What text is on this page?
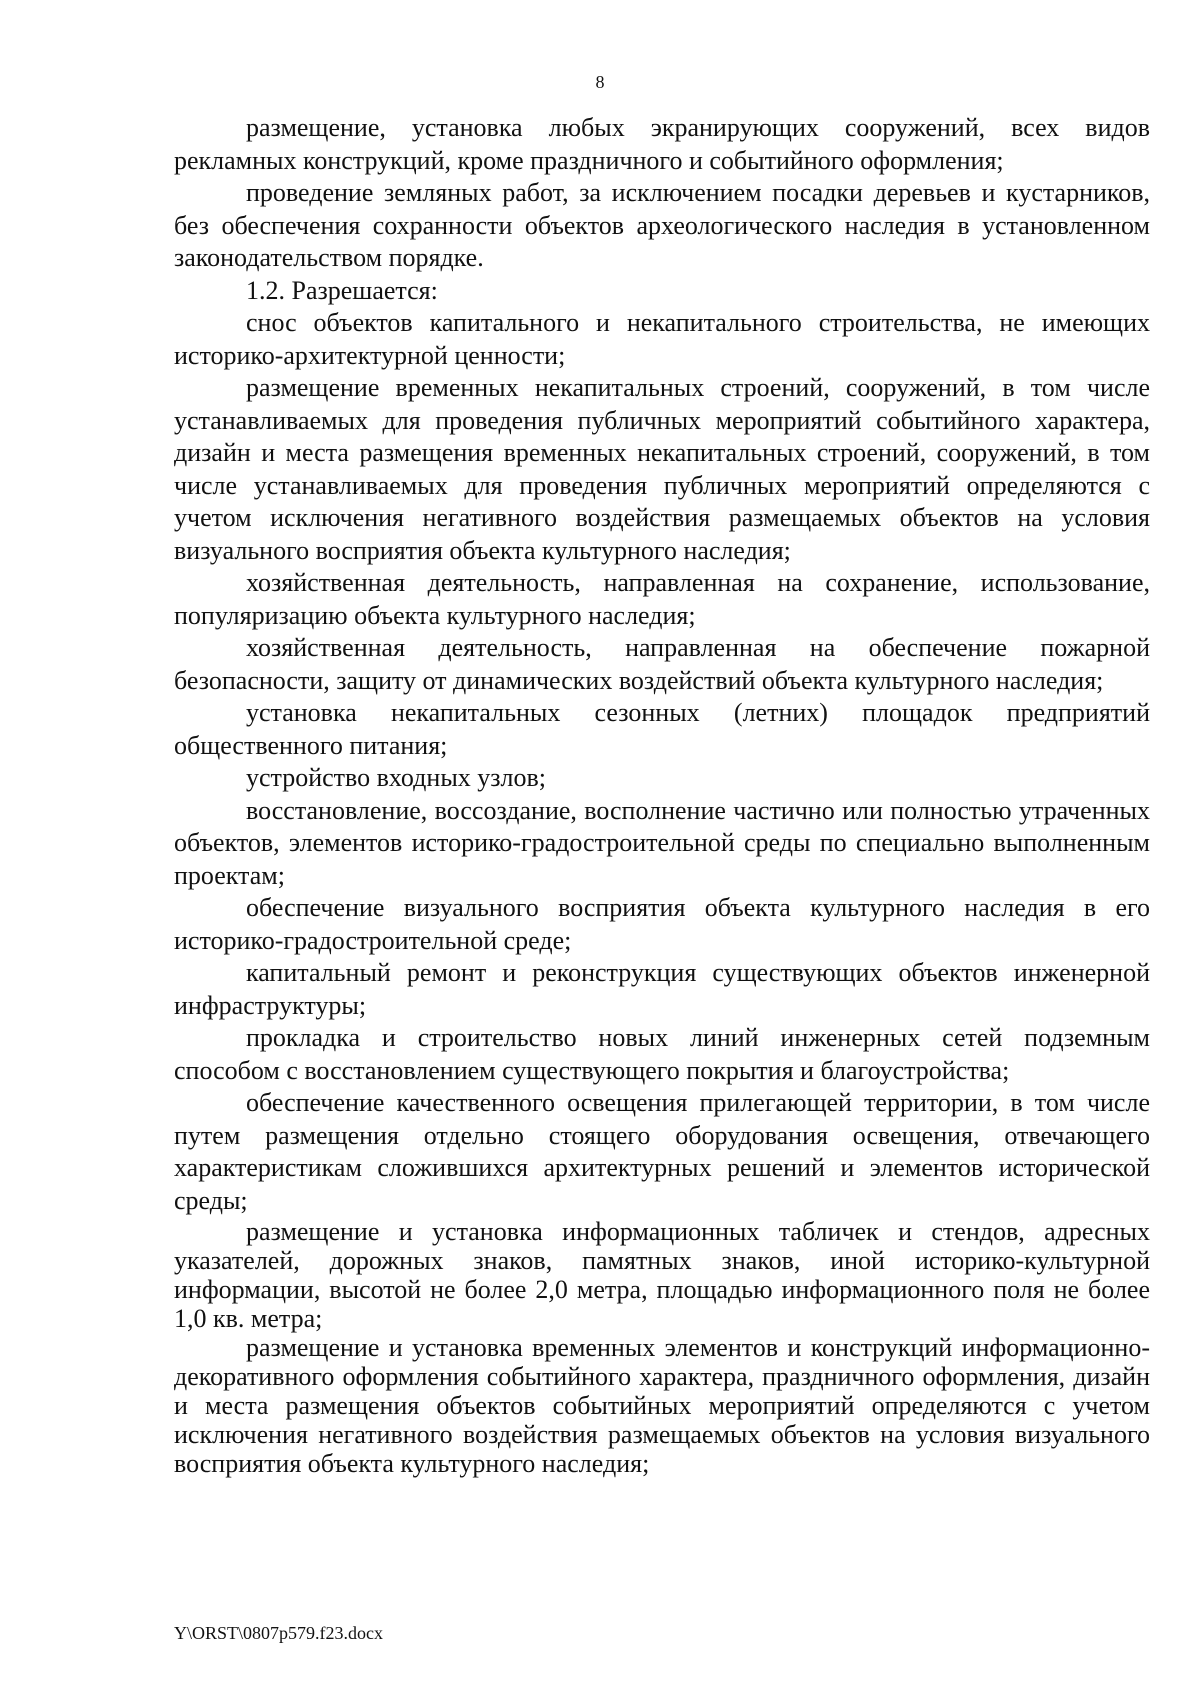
8

размещение, установка любых экранирующих сооружений, всех видов рекламных конструкций, кроме праздничного и событийного оформления;

проведение земляных работ, за исключением посадки деревьев и кустарников, без обеспечения сохранности объектов археологического наследия в установленном законодательством порядке.

1.2. Разрешается:

снос объектов капитального и некапитального строительства, не имеющих историко-архитектурной ценности;

размещение временных некапитальных строений, сооружений, в том числе устанавливаемых для проведения публичных мероприятий событийного характера, дизайн и места размещения временных некапитальных строений, сооружений, в том числе устанавливаемых для проведения публичных мероприятий определяются с учетом исключения негативного воздействия размещаемых объектов на условия визуального восприятия объекта культурного наследия;

хозяйственная деятельность, направленная на сохранение, использование, популяризацию объекта культурного наследия;

хозяйственная деятельность, направленная на обеспечение пожарной безопасности, защиту от динамических воздействий объекта культурного наследия;

установка некапитальных сезонных (летних) площадок предприятий общественного питания;

устройство входных узлов;

восстановление, воссоздание, восполнение частично или полностью утраченных объектов, элементов историко-градостроительной среды по специально выполненным проектам;

обеспечение визуального восприятия объекта культурного наследия в его историко-градостроительной среде;

капитальный ремонт и реконструкция существующих объектов инженерной инфраструктуры;

прокладка и строительство новых линий инженерных сетей подземным способом с восстановлением существующего покрытия и благоустройства;

обеспечение качественного освещения прилегающей территории, в том числе путем размещения отдельно стоящего оборудования освещения, отвечающего характеристикам сложившихся архитектурных решений и элементов исторической среды;

размещение и установка информационных табличек и стендов, адресных указателей, дорожных знаков, памятных знаков, иной историко-культурной информации, высотой не более 2,0 метра, площадью информационного поля не более 1,0 кв. метра;

размещение и установка временных элементов и конструкций информационно-декоративного оформления событийного характера, праздничного оформления, дизайн и места размещения объектов событийных мероприятий определяются с учетом исключения негативного воздействия размещаемых объектов на условия визуального восприятия объекта культурного наследия;

Y\ORST\0807p579.f23.docx
